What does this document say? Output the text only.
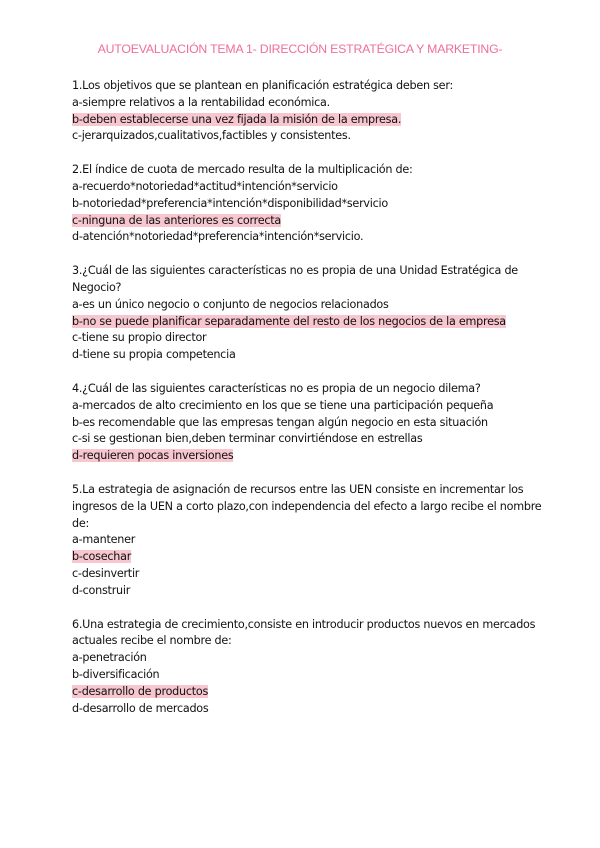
AUTOEVALUACIÓN TEMA 1- DIRECCIÓN ESTRATÉGICA Y MARKETING-
1.Los objetivos que se plantean en planificación estratégica deben ser:
a-siempre relativos a la rentabilidad económica.
b-deben establecerse una vez fijada la misión de la empresa.
c-jerarquizados,cualitativos,factibles y consistentes.
2.El índice de cuota de mercado resulta de la multiplicación de:
a-recuerdo*notoriedad*actitud*intención*servicio
b-notoriedad*preferencia*intención*disponibilidad*servicio
c-ninguna de las anteriores es correcta
d-atención*notoriedad*preferencia*intención*servicio.
3.¿Cuál de las siguientes características no es propia de una Unidad Estratégica de Negocio?
a-es un único negocio o conjunto de negocios relacionados
b-no se puede planificar separadamente del resto de los negocios de la empresa
c-tiene su propio director
d-tiene su propia competencia
4.¿Cuál de las siguientes características no es propia de un negocio dilema?
a-mercados de alto crecimiento en los que se tiene una participación pequeña
b-es recomendable que las empresas tengan algún negocio en esta situación
c-si se gestionan bien,deben terminar convirtiéndose en estrellas
d-requieren pocas inversiones
5.La estrategia de asignación de recursos entre las UEN consiste en incrementar los ingresos de la UEN a corto plazo,con independencia del efecto a largo recibe el nombre de:
a-mantener
b-cosechar
c-desinvertir
d-construir
6.Una estrategia de crecimiento,consiste en introducir productos nuevos en mercados actuales recibe el nombre de:
a-penetración
b-diversificación
c-desarrollo de productos
d-desarrollo de mercados
